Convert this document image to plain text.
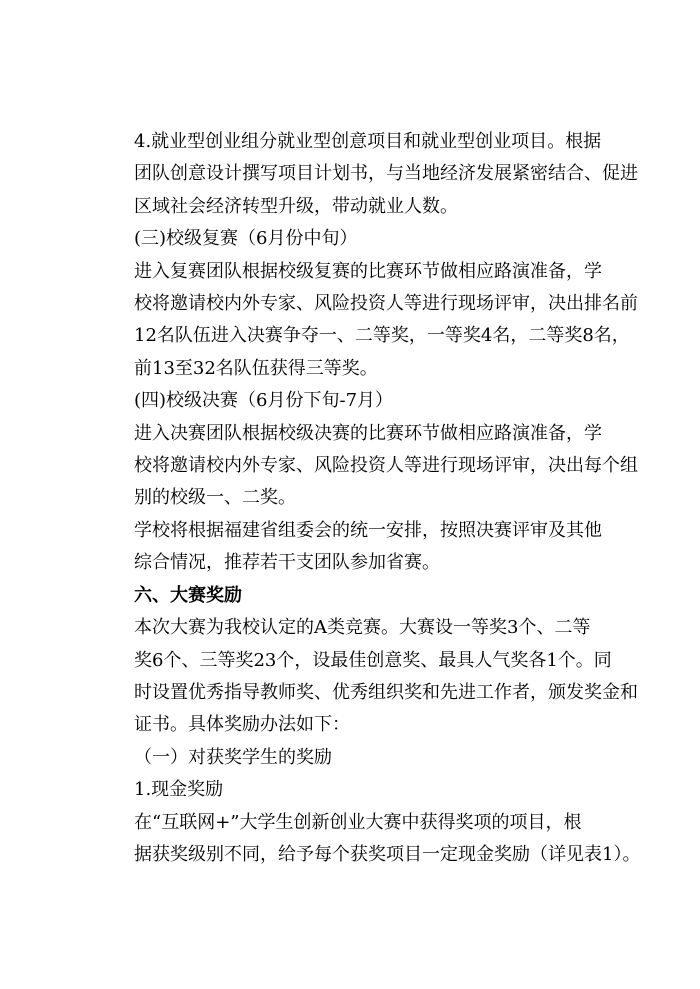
4.就业型创业组分就业型创意项目和就业型创业项目。根据
团队创意设计撰写项目计划书，与当地经济发展紧密结合、促进
区域社会经济转型升级，带动就业人数。

(三)校级复赛（6月份中旬）

进入复赛团队根据校级复赛的比赛环节做相应路演准备，学
校将邀请校内外专家、风险投资人等进行现场评审，决出排名前
12名队伍进入决赛争夺一、二等奖，一等奖4名，二等奖8名，
前13至32名队伍获得三等奖。

(四)校级决赛（6月份下旬-7月）

进入决赛团队根据校级决赛的比赛环节做相应路演准备，学
校将邀请校内外专家、风险投资人等进行现场评审，决出每个组
别的校级一、二奖。

学校将根据福建省组委会的统一安排，按照决赛评审及其他
综合情况，推荐若干支团队参加省赛。

六、大赛奖励

本次大赛为我校认定的A类竞赛。大赛设一等奖3个、二等
奖6个、三等奖23个，设最佳创意奖、最具人气奖各1个。同
时设置优秀指导教师奖、优秀组织奖和先进工作者，颁发奖金和
证书。具体奖励办法如下：

（一）对获奖学生的奖励

1.现金奖励

在“互联网+”大学生创新创业大赛中获得奖项的项目，根
据获奖级别不同，给予每个获奖项目一定现金奖励（详见表1）。
